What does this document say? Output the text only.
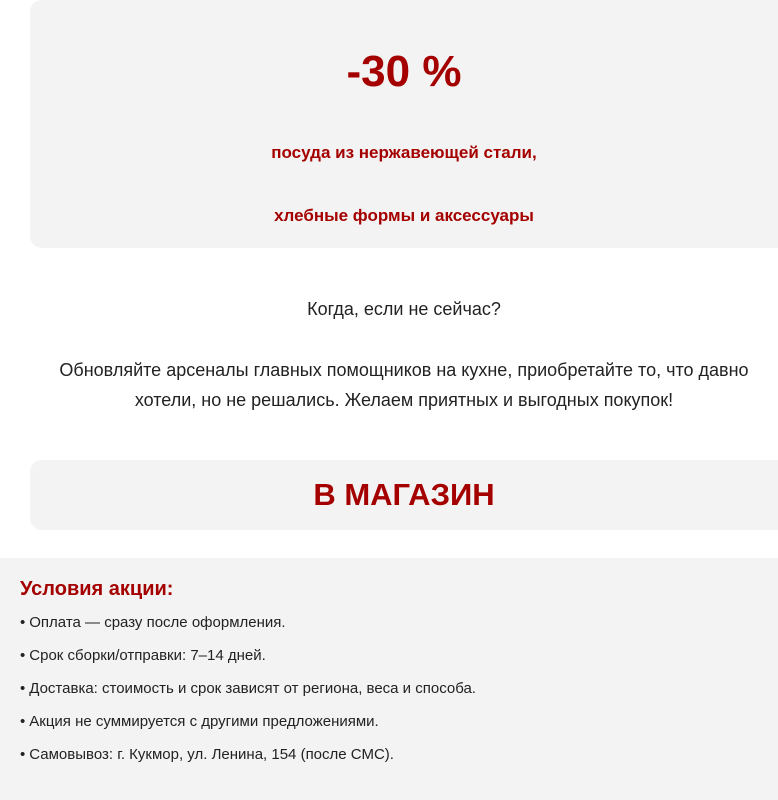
-30 %
посуда из нержавеющей стали,
хлебные формы и аксессуары
Когда, если не сейчас?
Обновляйте арсеналы главных помощников на кухне, приобретайте то, что давно хотели, но не решались. Желаем приятных и выгодных покупок!
В МАГАЗИН
Условия акции:
• Оплата — сразу после оформления.
• Срок сборки/отправки: 7–14 дней.
• Доставка: стоимость и срок зависят от региона, веса и способа.
• Акция не суммируется с другими предложениями.
• Самовывоз: г. Кукмор, ул. Ленина, 154 (после СМС).
